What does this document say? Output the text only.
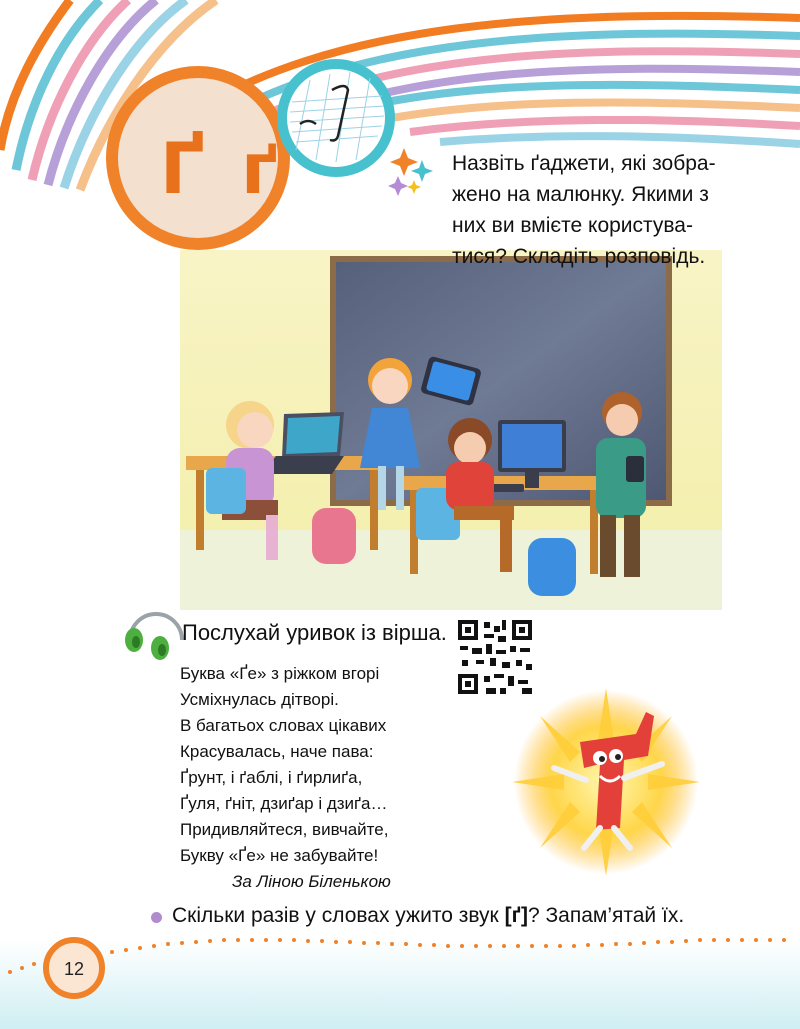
Ґ ґ	Назвіть ґаджети, які зобра-
жено на малюнку. Якими з
них ви вмієте користува-
тися? Складіть розповідь.
Послухай уривок із вірша.
Буква «Ґе» з ріжком вгорі
Усміхнулась дітворі.
В багатьох словах цікавих
Красувалась, наче пава:
Ґрунт, і ґаблі, і ґирлиґа,
Ґуля, ґніт, дзиґар і дзиґа…
Придивляйтеся, вивчайте,
Букву «Ґе» не забувайте!
За Ліною Біленькою
Скільки разів у словах ужито звук [ґ]? Запам’ятай їх.
12
